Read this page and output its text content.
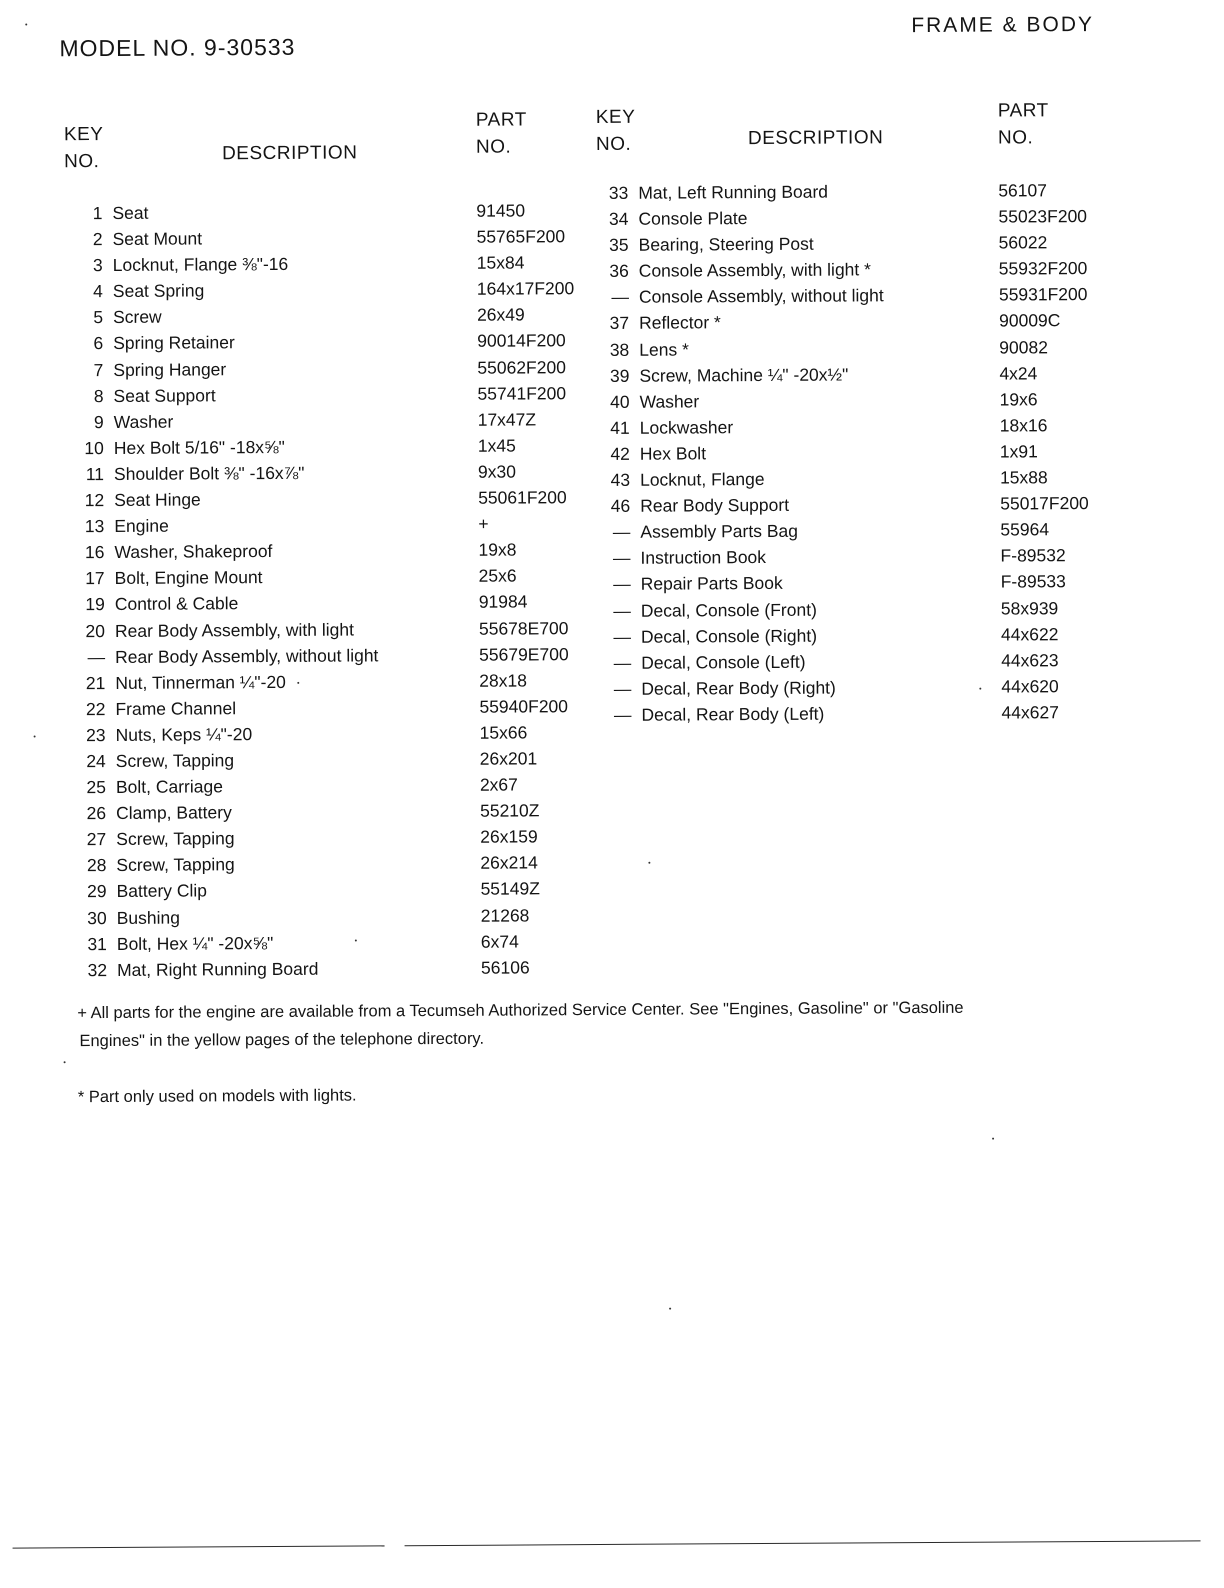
MODEL NO. 9-30533
FRAME & BODY
KEY
NO.	DESCRIPTION
PART
NO.
KEY
NO.	DESCRIPTION
PART
NO.
1 Seat	91450
2 Seat Mount	55765F200
3 Locknut, Flange ⅜"-16	15x84
4 Seat Spring	164x17F200
5 Screw	26x49
6 Spring Retainer	90014F200
7 Spring Hanger	55062F200
8 Seat Support	55741F200
9 Washer	17x47Z
10 Hex Bolt 5/16" -18x⅝"	1x45
11 Shoulder Bolt ⅜" -16x⅞"	9x30
12 Seat Hinge	55061F200
13 Engine	+
16 Washer, Shakeproof	19x8
17 Bolt, Engine Mount	25x6
19 Control & Cable	91984
20 Rear Body Assembly, with light	55678E700
— Rear Body Assembly, without light	55679E700
21 Nut, Tinnerman ¼"-20	28x18
22 Frame Channel	55940F200
23 Nuts, Keps ¼"-20	15x66
24 Screw, Tapping	26x201
25 Bolt, Carriage	2x67
26 Clamp, Battery	55210Z
27 Screw, Tapping	26x159
28 Screw, Tapping	26x214
29 Battery Clip	55149Z
30 Bushing	21268
31 Bolt, Hex ¼" -20x⅝"	6x74
32 Mat, Right Running Board	56106
33 Mat, Left Running Board	56107
34 Console Plate	55023F200
35 Bearing, Steering Post	56022
36 Console Assembly, with light *	55932F200
— Console Assembly, without light	55931F200
37 Reflector *	90009C
38 Lens *	90082
39 Screw, Machine ¼" -20x½"	4x24
40 Washer	19x6
41 Lockwasher	18x16
42 Hex Bolt	1x91
43 Locknut, Flange	15x88
46 Rear Body Support	55017F200
— Assembly Parts Bag	55964
— Instruction Book	F-89532
— Repair Parts Book	F-89533
— Decal, Console (Front)	58x939
— Decal, Console (Right)	44x622
— Decal, Console (Left)	44x623
— Decal, Rear Body (Right)	44x620
— Decal, Rear Body (Left)	44x627
+ All parts for the engine are available from a Tecumseh Authorized Service Center. See "Engines, Gasoline" or "Gasoline
Engines" in the yellow pages of the telephone directory.
* Part only used on models with lights.
